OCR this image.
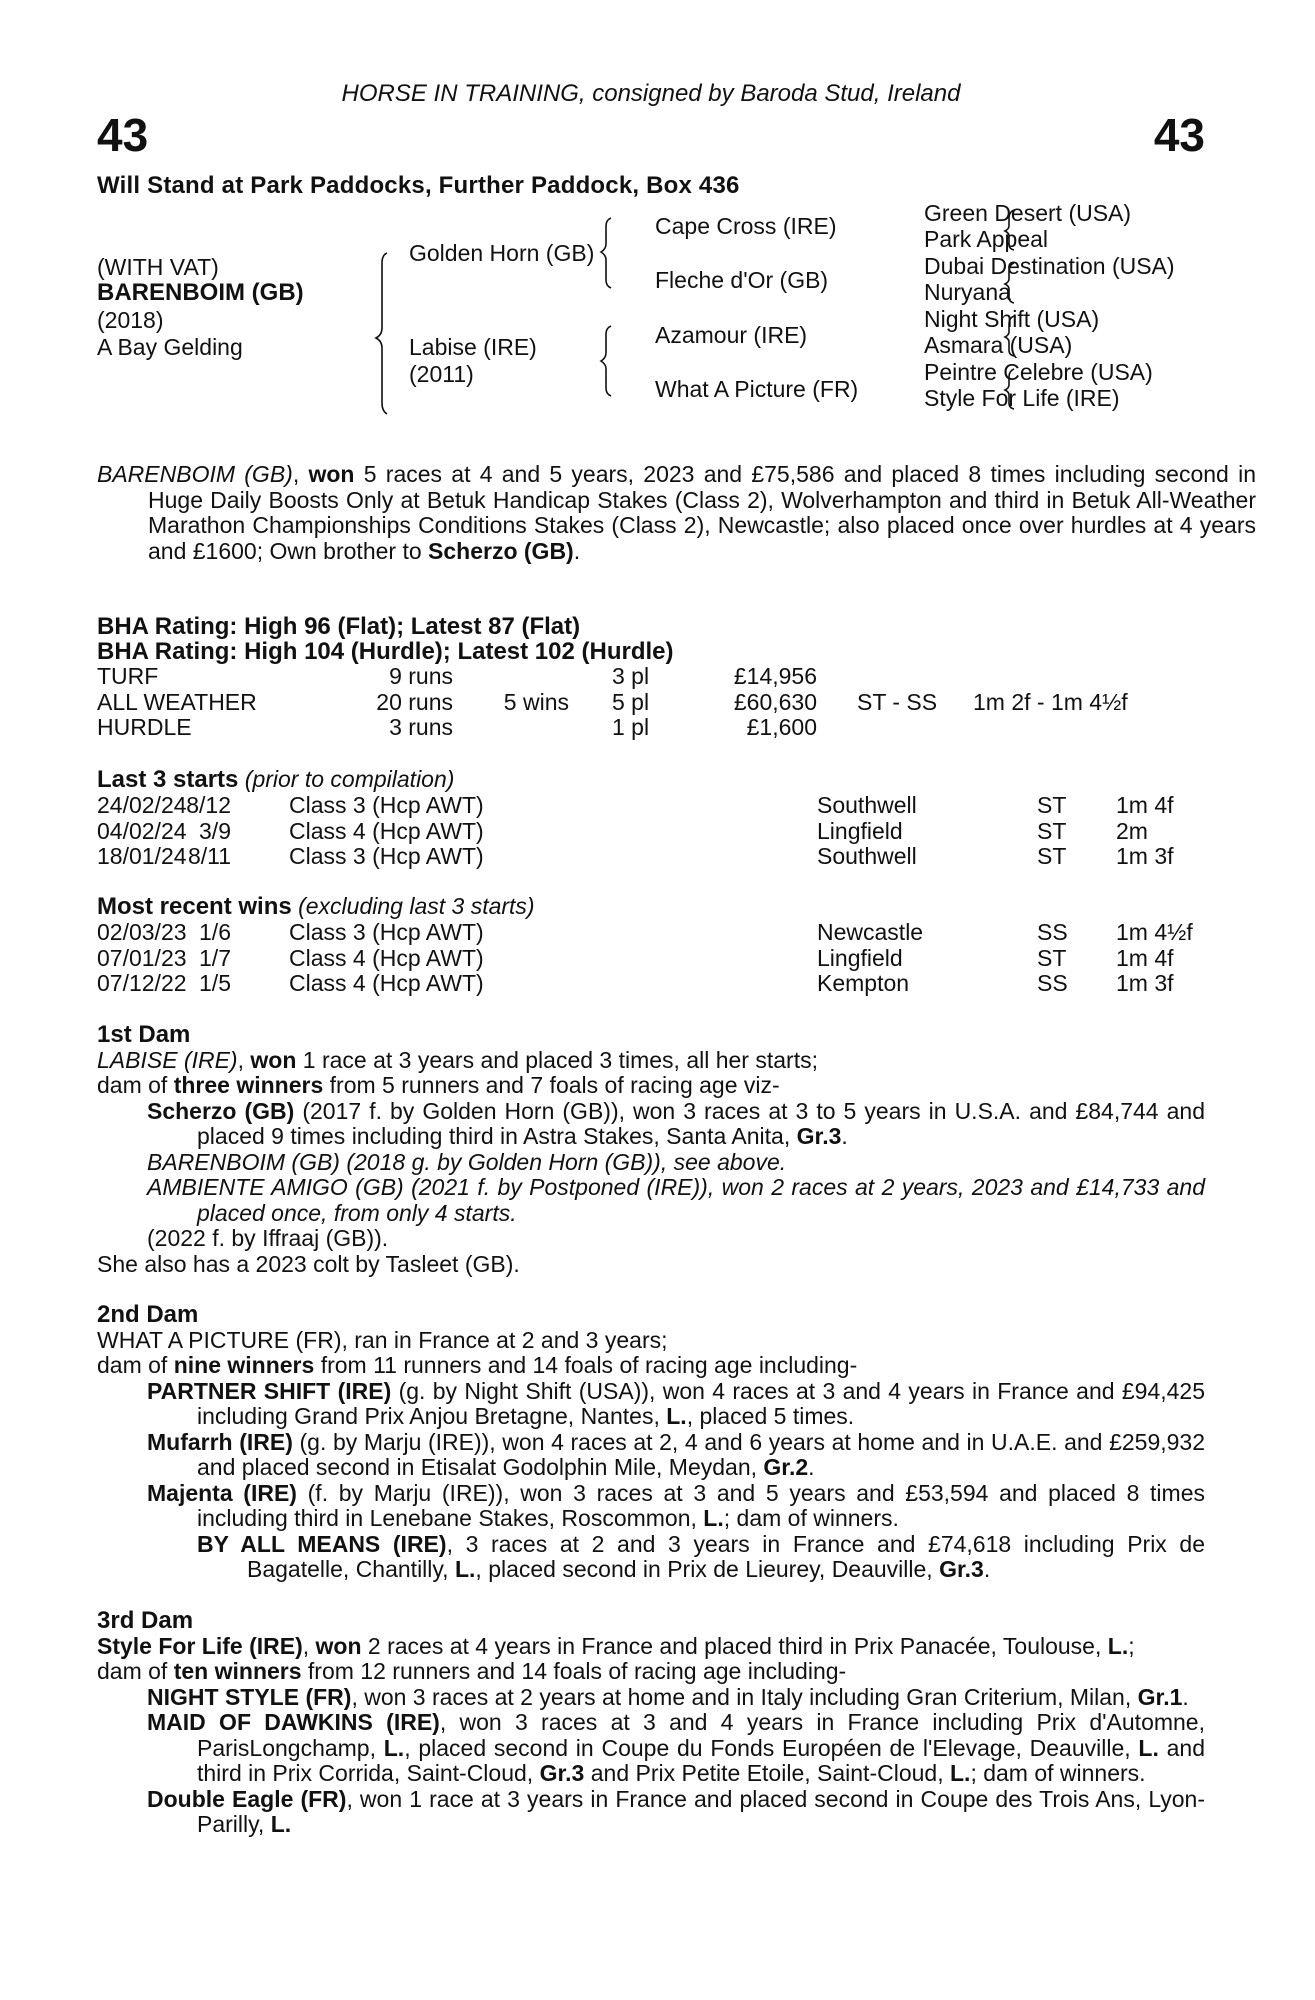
HORSE IN TRAINING, consigned by Baroda Stud, Ireland
43	43
Will Stand at Park Paddocks, Further Paddock, Box 436
(WITH VAT)
BARENBOIM (GB)
(2018)
A Bay Gelding
Golden Horn (GB)
Labise (IRE)
(2011)
Cape Cross (IRE)
Fleche d'Or (GB)
Azamour (IRE)
What A Picture (FR)
Green Desert (USA)
Park Appeal
Dubai Destination (USA)
Nuryana
Night Shift (USA)
Asmara (USA)
Peintre Celebre (USA)
Style For Life (IRE)
BARENBOIM (GB), won 5 races at 4 and 5 years, 2023 and £75,586 and placed 8 times including second in Huge Daily Boosts Only at Betuk Handicap Stakes (Class 2), Wolverhampton and third in Betuk All-Weather Marathon Championships Conditions Stakes (Class 2), Newcastle; also placed once over hurdles at 4 years and £1600; Own brother to Scherzo (GB).
BHA Rating: High 96 (Flat); Latest 87 (Flat)
BHA Rating: High 104 (Hurdle); Latest 102 (Hurdle)
TURF	9 runs	3 pl	£14,956
ALL WEATHER	20 runs 5 wins 5 pl	£60,630 ST - SS 1m 2f - 1m 4½f
HURDLE	3 runs	1 pl	£1,600
Last 3 starts (prior to compilation)
24/02/24 8/12	Class 3 (Hcp AWT)	Southwell	ST 1m 4f
04/02/24 3/9	Class 4 (Hcp AWT)	Lingfield	ST 2m
18/01/24 8/11	Class 3 (Hcp AWT)	Southwell	ST 1m 3f
Most recent wins (excluding last 3 starts)
02/03/23 1/6	Class 3 (Hcp AWT)	Newcastle	SS 1m 4½f
07/01/23 1/7	Class 4 (Hcp AWT)	Lingfield	ST 1m 4f
07/12/22 1/5	Class 4 (Hcp AWT)	Kempton	SS 1m 3f
1st Dam
LABISE (IRE), won 1 race at 3 years and placed 3 times, all her starts;
dam of three winners from 5 runners and 7 foals of racing age viz-
Scherzo (GB) (2017 f. by Golden Horn (GB)), won 3 races at 3 to 5 years in U.S.A. and £84,744 and placed 9 times including third in Astra Stakes, Santa Anita, Gr.3.
BARENBOIM (GB) (2018 g. by Golden Horn (GB)), see above.
AMBIENTE AMIGO (GB) (2021 f. by Postponed (IRE)), won 2 races at 2 years, 2023 and £14,733 and placed once, from only 4 starts.
(2022 f. by Iffraaj (GB)).
She also has a 2023 colt by Tasleet (GB).
2nd Dam
WHAT A PICTURE (FR), ran in France at 2 and 3 years;
dam of nine winners from 11 runners and 14 foals of racing age including-
PARTNER SHIFT (IRE) (g. by Night Shift (USA)), won 4 races at 3 and 4 years in France and £94,425 including Grand Prix Anjou Bretagne, Nantes, L., placed 5 times.
Mufarrh (IRE) (g. by Marju (IRE)), won 4 races at 2, 4 and 6 years at home and in U.A.E. and £259,932 and placed second in Etisalat Godolphin Mile, Meydan, Gr.2.
Majenta (IRE) (f. by Marju (IRE)), won 3 races at 3 and 5 years and £53,594 and placed 8 times including third in Lenebane Stakes, Roscommon, L.; dam of winners.
BY ALL MEANS (IRE), 3 races at 2 and 3 years in France and £74,618 including Prix de Bagatelle, Chantilly, L., placed second in Prix de Lieurey, Deauville, Gr.3.
3rd Dam
Style For Life (IRE), won 2 races at 4 years in France and placed third in Prix Panacée, Toulouse, L.;
dam of ten winners from 12 runners and 14 foals of racing age including-
NIGHT STYLE (FR), won 3 races at 2 years at home and in Italy including Gran Criterium, Milan, Gr.1.
MAID OF DAWKINS (IRE), won 3 races at 3 and 4 years in France including Prix d'Automne, ParisLongchamp, L., placed second in Coupe du Fonds Européen de l'Elevage, Deauville, L. and third in Prix Corrida, Saint-Cloud, Gr.3 and Prix Petite Etoile, Saint-Cloud, L.; dam of winners.
Double Eagle (FR), won 1 race at 3 years in France and placed second in Coupe des Trois Ans, Lyon-Parilly, L.
